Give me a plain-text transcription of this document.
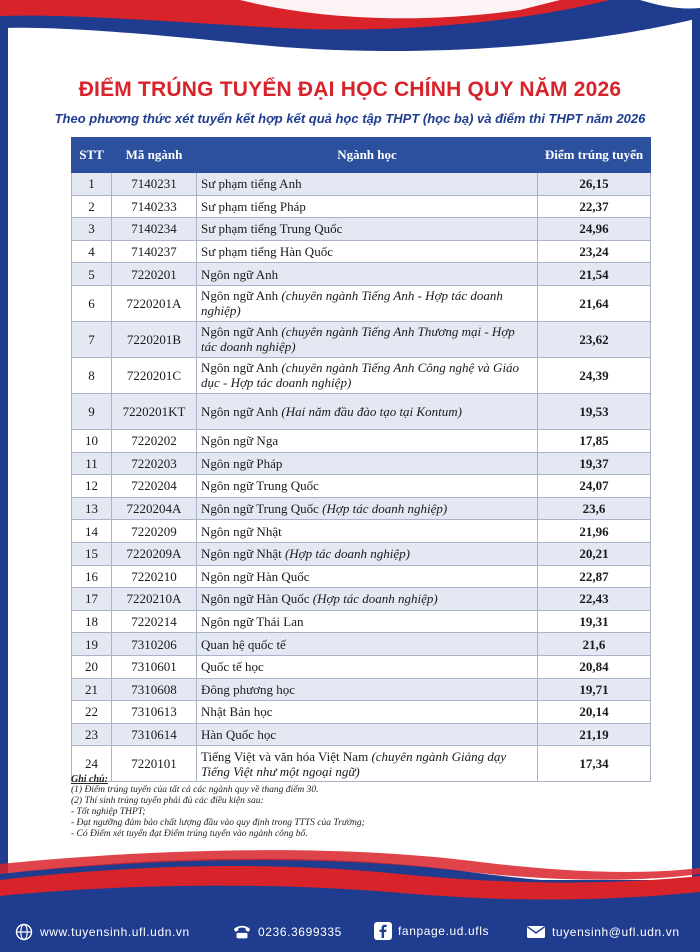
ĐIỂM TRÚNG TUYỂN ĐẠI HỌC CHÍNH QUY NĂM 2026
Theo phương thức xét tuyển kết hợp kết quả học tập THPT (học bạ) và điểm thi THPT năm 2026
STT	Mã ngành	Ngành học	Điểm trúng tuyển
1	7140231	Sư phạm tiếng Anh	26,15
2	7140233	Sư phạm tiếng Pháp	22,37
3	7140234	Sư phạm tiếng Trung Quốc	24,96
4	7140237	Sư phạm tiếng Hàn Quốc	23,24
5	7220201	Ngôn ngữ Anh	21,54
6	7220201A	Ngôn ngữ Anh (chuyên ngành Tiếng Anh - Hợp tác doanh nghiệp)	21,64
7	7220201B	Ngôn ngữ Anh (chuyên ngành Tiếng Anh Thương mại - Hợp tác doanh nghiệp)	23,62
8	7220201C	Ngôn ngữ Anh (chuyên ngành Tiếng Anh Công nghệ và Giáo dục - Hợp tác doanh nghiệp)	24,39
9	7220201KT	Ngôn ngữ Anh (Hai năm đầu đào tạo tại Kontum)	19,53
10	7220202	Ngôn ngữ Nga	17,85
11	7220203	Ngôn ngữ Pháp	19,37
12	7220204	Ngôn ngữ Trung Quốc	24,07
13	7220204A	Ngôn ngữ Trung Quốc (Hợp tác doanh nghiệp)	23,6
14	7220209	Ngôn ngữ Nhật	21,96
15	7220209A	Ngôn ngữ Nhật (Hợp tác doanh nghiệp)	20,21
16	7220210	Ngôn ngữ Hàn Quốc	22,87
17	7220210A	Ngôn ngữ Hàn Quốc (Hợp tác doanh nghiệp)	22,43
18	7220214	Ngôn ngữ Thái Lan	19,31
19	7310206	Quan hệ quốc tế	21,6
20	7310601	Quốc tế học	20,84
21	7310608	Đông phương học	19,71
22	7310613	Nhật Bản học	20,14
23	7310614	Hàn Quốc học	21,19
24	7220101	Tiếng Việt và văn hóa Việt Nam (chuyên ngành Giảng dạy Tiếng Việt như một ngoại ngữ)	17,34
Ghi chú:
(1) Điểm trúng tuyển của tất cả các ngành quy về thang điểm 30.
(2) Thí sinh trúng tuyển phải đủ các điều kiện sau:
- Tốt nghiệp THPT;
- Đạt ngưỡng đảm bảo chất lượng đầu vào quy định trong TTTS của Trường;
- Có Điểm xét tuyển đạt Điểm trúng tuyển vào ngành công bố.
www.tuyensinh.ufl.udn.vn	0236.3699335	fanpage.ud.ufls	tuyensinh@ufl.udn.vn
